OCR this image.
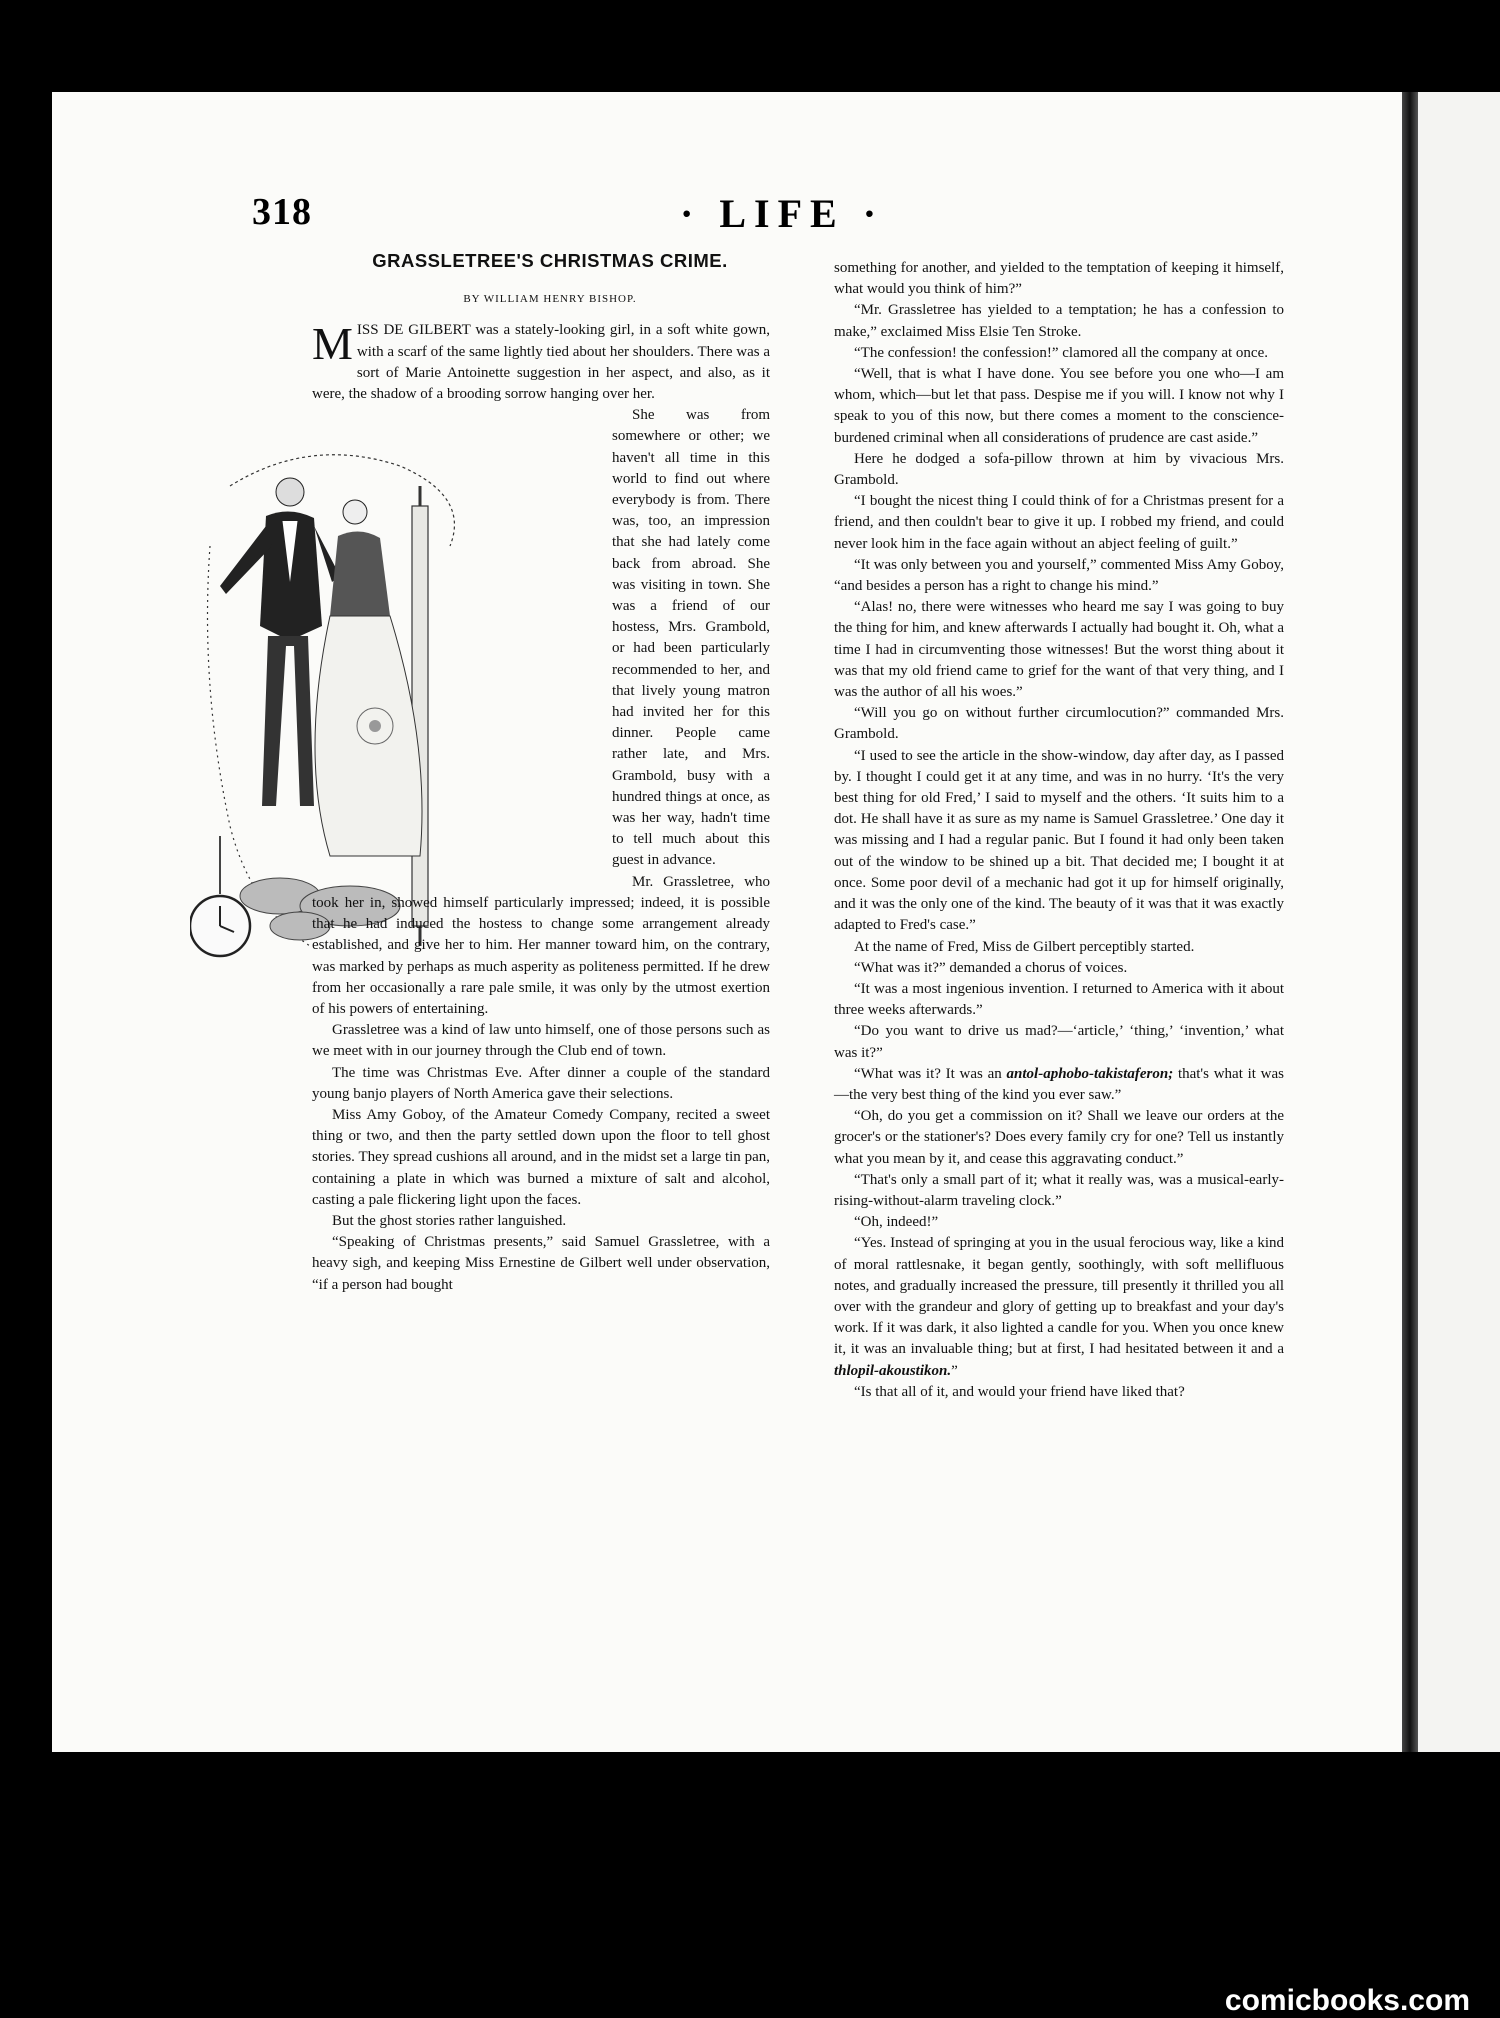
318	· LIFE ·
GRASSLETREE'S CHRISTMAS CRIME.
BY WILLIAM HENRY BISHOP.

MISS DE GILBERT was a stately-looking girl, in a soft white gown, with a scarf of the same lightly tied about her shoulders. There was a sort of Marie Antoinette suggestion in her aspect, and also, as it were, the shadow of a brooding sorrow hanging over her.

She was from somewhere or other; we haven't all time in this world to find out where everybody is from. There was, too, an impression that she had lately come back from abroad. She was visiting in town. She was a friend of our hostess, Mrs. Grambold, or had been particularly recommended to her, and that lively young matron had invited her for this dinner. People came rather late, and Mrs. Grambold, busy with a hundred things at once, as was her way, hadn't time to tell much about this guest in advance.

Mr. Grassletree, who took her in, showed himself particularly impressed; indeed, it is possible that he had induced the hostess to change some arrangement already established, and give her to him. Her manner toward him, on the contrary, was marked by perhaps as much asperity as politeness permitted. If he drew from her occasionally a rare pale smile, it was only by the utmost exertion of his powers of entertaining.

Grassletree was a kind of law unto himself, one of those persons such as we meet with in our journey through the Club end of town.

The time was Christmas Eve. After dinner a couple of the standard young banjo players of North America gave their selections.

Miss Amy Goboy, of the Amateur Comedy Company, recited a sweet thing or two, and then the party settled down upon the floor to tell ghost stories. They spread cushions all around, and in the midst set a large tin pan, containing a plate in which was burned a mixture of salt and alcohol, casting a pale flickering light upon the faces.

But the ghost stories rather languished.

“Speaking of Christmas presents,” said Samuel Grassletree, with a heavy sigh, and keeping Miss Ernestine de Gilbert well under observation, “if a person had bought

something for another, and yielded to the temptation of keeping it himself, what would you think of him?”

“Mr. Grassletree has yielded to a temptation; he has a confession to make,” exclaimed Miss Elsie Ten Stroke.

“The confession! the confession!” clamored all the company at once.

“Well, that is what I have done. You see before you one who—I am whom, which—but let that pass. Despise me if you will. I know not why I speak to you of this now, but there comes a moment to the conscience-burdened criminal when all considerations of prudence are cast aside.”

Here he dodged a sofa-pillow thrown at him by vivacious Mrs. Grambold.

“I bought the nicest thing I could think of for a Christmas present for a friend, and then couldn't bear to give it up. I robbed my friend, and could never look him in the face again without an abject feeling of guilt.”

“It was only between you and yourself,” commented Miss Amy Goboy, “and besides a person has a right to change his mind.”

“Alas! no, there were witnesses who heard me say I was going to buy the thing for him, and knew afterwards I actually had bought it. Oh, what a time I had in circumventing those witnesses! But the worst thing about it was that my old friend came to grief for the want of that very thing, and I was the author of all his woes.”

“Will you go on without further circumlocution?” commanded Mrs. Grambold.

“I used to see the article in the show-window, day after day, as I passed by. I thought I could get it at any time, and was in no hurry. ‘It's the very best thing for old Fred,’ I said to myself and the others. ‘It suits him to a dot. He shall have it as sure as my name is Samuel Grassletree.’ One day it was missing and I had a regular panic. But I found it had only been taken out of the window to be shined up a bit. That decided me; I bought it at once. Some poor devil of a mechanic had got it up for himself originally, and it was the only one of the kind. The beauty of it was that it was exactly adapted to Fred's case.”

At the name of Fred, Miss de Gilbert perceptibly started.

“What was it?” demanded a chorus of voices.

“It was a most ingenious invention. I returned to America with it about three weeks afterwards.”

“Do you want to drive us mad?—‘article,’ ‘thing,’ ‘invention,’ what was it?”

“What was it? It was an antol-aphobo-takistaferon; that's what it was—the very best thing of the kind you ever saw.”

“Oh, do you get a commission on it? Shall we leave our orders at the grocer's or the stationer's? Does every family cry for one? Tell us instantly what you mean by it, and cease this aggravating conduct.”

“That's only a small part of it; what it really was, was a musical-early-rising-without-alarm traveling clock.”

“Oh, indeed!”

“Yes. Instead of springing at you in the usual ferocious way, like a kind of moral rattlesnake, it began gently, soothingly, with soft mellifluous notes, and gradually increased the pressure, till presently it thrilled you all over with the grandeur and glory of getting up to breakfast and your day's work. If it was dark, it also lighted a candle for you. When you once knew it, it was an invaluable thing; but at first, I had hesitated between it and a thlopil-akoustikon.”

“Is that all of it, and would your friend have liked that?

comicbooks.com
